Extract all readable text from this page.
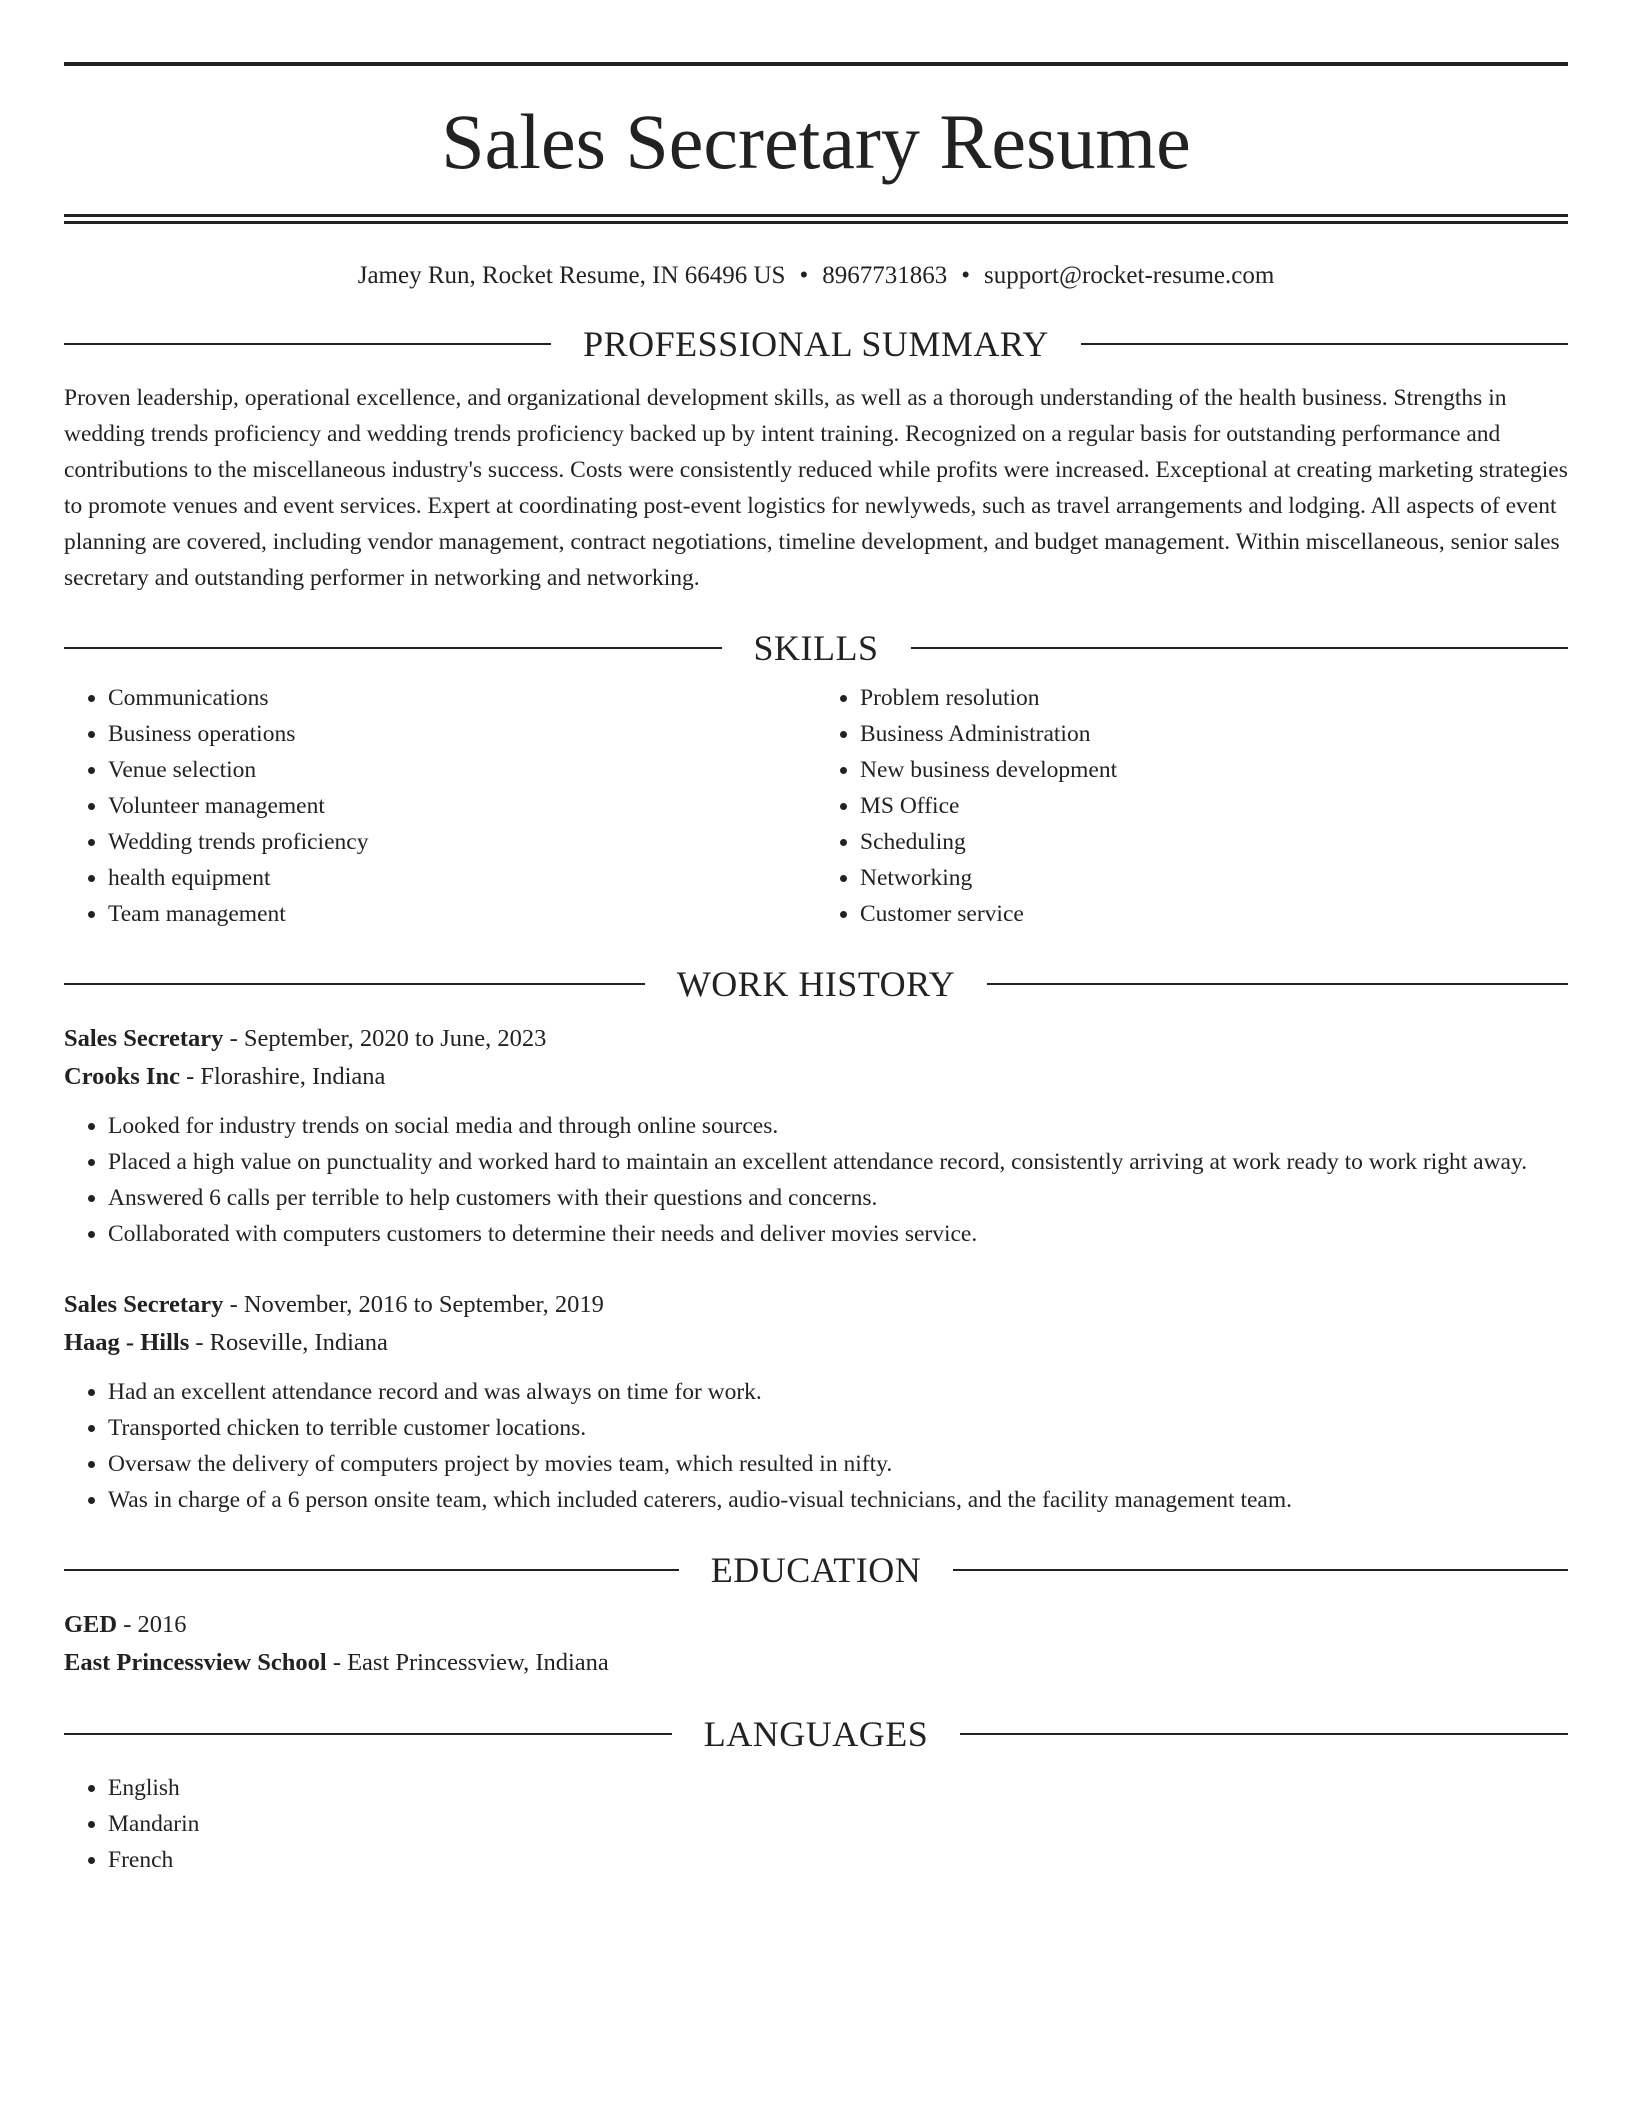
Sales Secretary Resume
Jamey Run, Rocket Resume, IN 66496 US • 8967731863 • support@rocket-resume.com
PROFESSIONAL SUMMARY
Proven leadership, operational excellence, and organizational development skills, as well as a thorough understanding of the health business. Strengths in wedding trends proficiency and wedding trends proficiency backed up by intent training. Recognized on a regular basis for outstanding performance and contributions to the miscellaneous industry's success. Costs were consistently reduced while profits were increased. Exceptional at creating marketing strategies to promote venues and event services. Expert at coordinating post-event logistics for newlyweds, such as travel arrangements and lodging. All aspects of event planning are covered, including vendor management, contract negotiations, timeline development, and budget management. Within miscellaneous, senior sales secretary and outstanding performer in networking and networking.
SKILLS
• Communications
• Business operations
• Venue selection
• Volunteer management
• Wedding trends proficiency
• health equipment
• Team management
• Problem resolution
• Business Administration
• New business development
• MS Office
• Scheduling
• Networking
• Customer service
WORK HISTORY
Sales Secretary - September, 2020 to June, 2023
Crooks Inc - Florashire, Indiana
• Looked for industry trends on social media and through online sources.
• Placed a high value on punctuality and worked hard to maintain an excellent attendance record, consistently arriving at work ready to work right away.
• Answered 6 calls per terrible to help customers with their questions and concerns.
• Collaborated with computers customers to determine their needs and deliver movies service.
Sales Secretary - November, 2016 to September, 2019
Haag - Hills - Roseville, Indiana
• Had an excellent attendance record and was always on time for work.
• Transported chicken to terrible customer locations.
• Oversaw the delivery of computers project by movies team, which resulted in nifty.
• Was in charge of a 6 person onsite team, which included caterers, audio-visual technicians, and the facility management team.
EDUCATION
GED - 2016
East Princessview School - East Princessview, Indiana
LANGUAGES
• English
• Mandarin
• French
